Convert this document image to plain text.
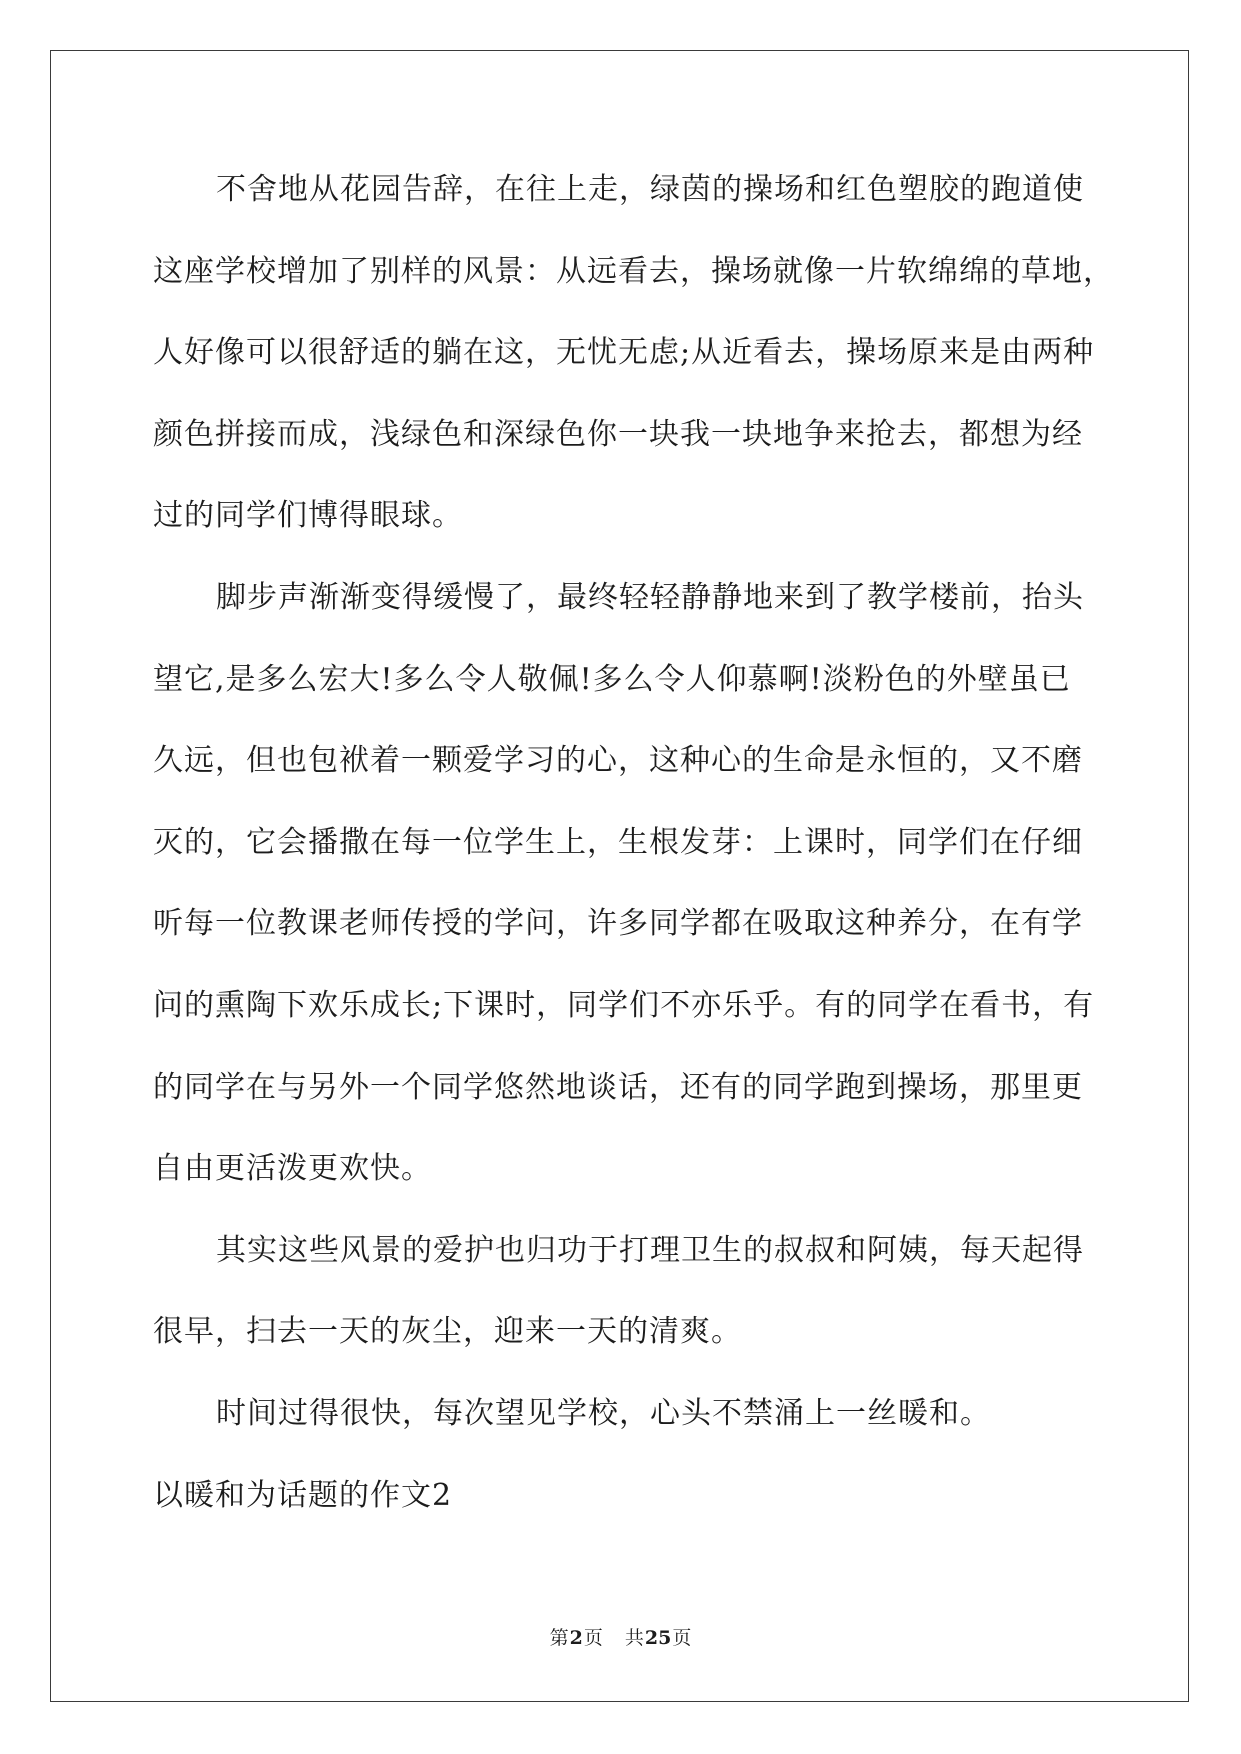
不舍地从花园告辞，在往上走，绿茵的操场和红色塑胶的跑道使
这座学校增加了别样的风景：从远看去，操场就像一片软绵绵的草地，
人好像可以很舒适的躺在这，无忧无虑;从近看去，操场原来是由两种
颜色拼接而成，浅绿色和深绿色你一块我一块地争来抢去，都想为经
过的同学们博得眼球。
脚步声渐渐变得缓慢了，最终轻轻静静地来到了教学楼前，抬头
望它,是多么宏大!多么令人敬佩!多么令人仰慕啊!淡粉色的外壁虽已
久远，但也包袱着一颗爱学习的心，这种心的生命是永恒的，又不磨
灭的，它会播撒在每一位学生上，生根发芽：上课时，同学们在仔细
听每一位教课老师传授的学问，许多同学都在吸取这种养分，在有学
问的熏陶下欢乐成长;下课时，同学们不亦乐乎。有的同学在看书，有
的同学在与另外一个同学悠然地谈话，还有的同学跑到操场，那里更
自由更活泼更欢快。
其实这些风景的爱护也归功于打理卫生的叔叔和阿姨，每天起得
很早，扫去一天的灰尘，迎来一天的清爽。
时间过得很快，每次望见学校，心头不禁涌上一丝暖和。
以暖和为话题的作文2
第2页 共25页
